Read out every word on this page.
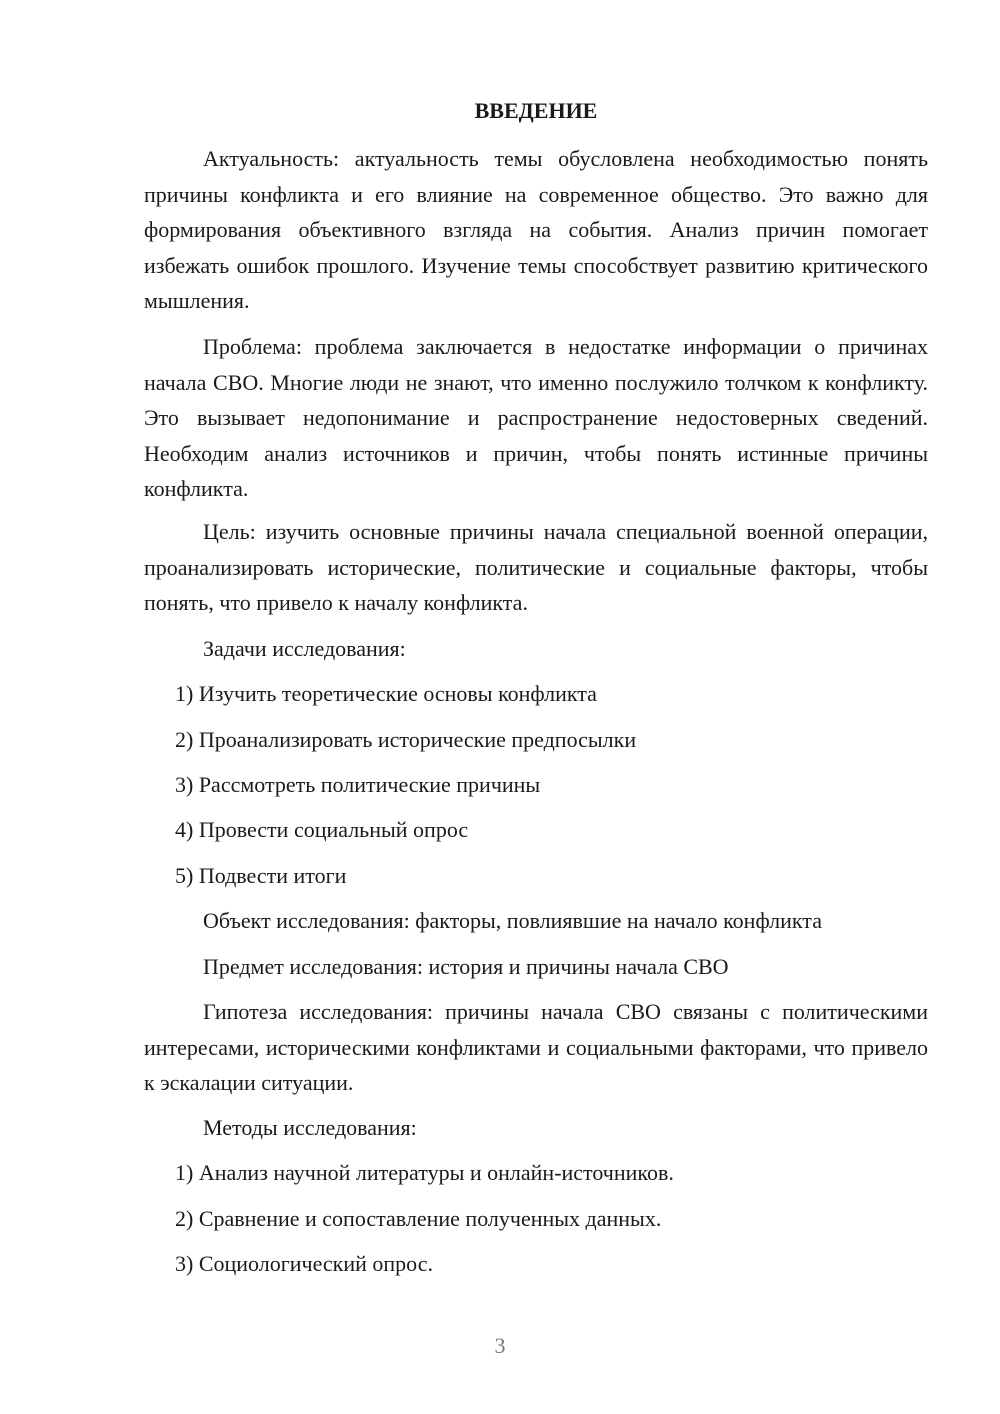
ВВЕДЕНИЕ

Актуальность: актуальность темы обусловлена необходимостью понять причины конфликта и его влияние на современное общество. Это важно для формирования объективного взгляда на события. Анализ причин помогает избежать ошибок прошлого. Изучение темы способствует развитию критического мышления.

Проблема: проблема заключается в недостатке информации о причинах начала СВО. Многие люди не знают, что именно послужило толчком к конфликту. Это вызывает недопонимание и распространение недостоверных сведений. Необходим анализ источников и причин, чтобы понять истинные причины конфликта.

Цель: изучить основные причины начала специальной военной операции, проанализировать исторические, политические и социальные факторы, чтобы понять, что привело к началу конфликта.

Задачи исследования:

1) Изучить теоретические основы конфликта

2) Проанализировать исторические предпосылки

3) Рассмотреть политические причины

4) Провести социальный опрос

5) Подвести итоги

Объект исследования: факторы, повлиявшие на начало конфликта

Предмет исследования: история и причины начала СВО

Гипотеза исследования: причины начала СВО связаны с политическими интересами, историческими конфликтами и социальными факторами, что привело к эскалации ситуации.

Методы исследования:

1) Анализ научной литературы и онлайн-источников.

2) Сравнение и сопоставление полученных данных.

3) Социологический опрос.

3
